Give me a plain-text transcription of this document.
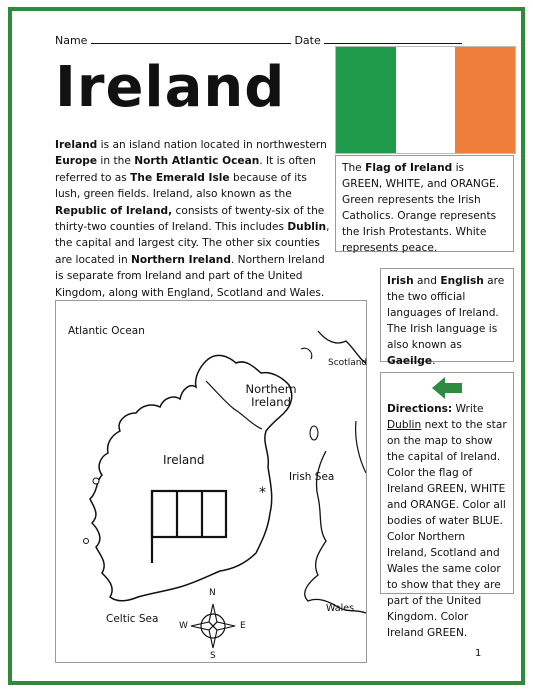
Name	Date
Ireland
Ireland is an island nation located in northwestern Europe in the North Atlantic Ocean. It is often referred to as The Emerald Isle because of its lush, green fields. Ireland, also known as the Republic of Ireland, consists of twenty-six of the thirty-two counties of Ireland. This includes Dublin, the capital and largest city. The other six counties are located in Northern Ireland. Northern Ireland is separate from Ireland and part of the United Kingdom, along with England, Scotland and Wales.
The Flag of Ireland is GREEN, WHITE, and ORANGE. Green represents the Irish Catholics. Orange represents the Irish Protestants. White represents peace.
Irish and English are the two official languages of Ireland. The Irish language is also known as Gaeilge.
Directions: Write Dublin next to the star on the map to show the capital of Ireland. Color the flag of Ireland GREEN, WHITE and ORANGE. Color all bodies of water BLUE. Color Northern Ireland, Scotland and Wales the same color to show that they are part of the United Kingdom. Color Ireland GREEN.
Atlantic Ocean
Scotland
Northern Ireland
Ireland
Irish Sea
*
Wales
Celtic Sea
N
S
W	E
1
